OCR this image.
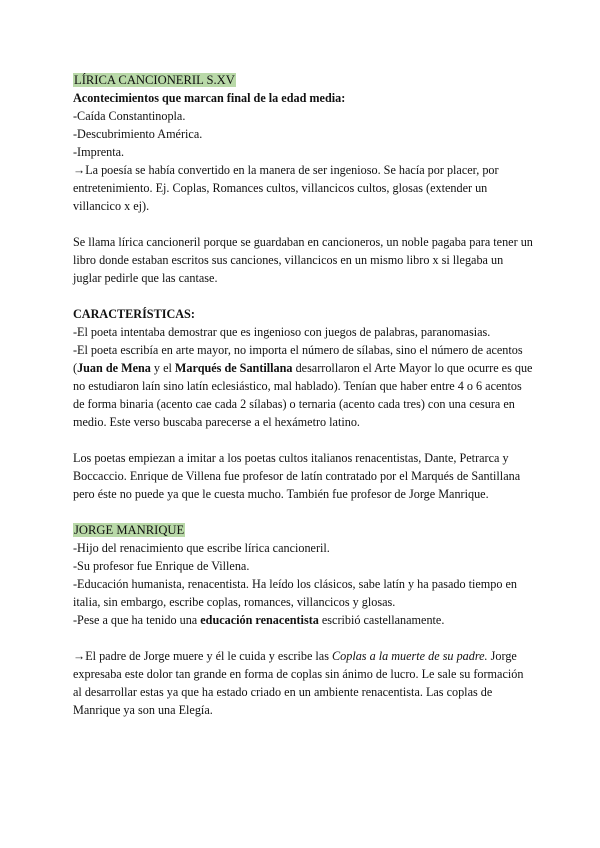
LÍRICA CANCIONERIL S.XV

Acontecimientos que marcan final de la edad media:

-Caída Constantinopla.

-Descubrimiento América.

-Imprenta.

→La poesía se había convertido en la manera de ser ingenioso. Se hacía por placer, por entretenimiento. Ej. Coplas, Romances cultos, villancicos cultos, glosas (extender un villancico x ej).

Se llama lírica cancioneril porque se guardaban en cancioneros, un noble pagaba para tener un libro donde estaban escritos sus canciones, villancicos en un mismo libro x si llegaba un juglar pedirle que las cantase.

CARACTERÍSTICAS:

-El poeta intentaba demostrar que es ingenioso con juegos de palabras, paranomasias.

-El poeta escribía en arte mayor, no importa el número de sílabas, sino el número de acentos (Juan de Mena y el Marqués de Santillana desarrollaron el Arte Mayor lo que ocurre es que no estudiaron laín sino latín eclesiástico, mal hablado). Tenían que haber entre 4 o 6 acentos de forma binaria (acento cae cada 2 sílabas) o ternaria (acento cada tres) con una cesura en medio. Este verso buscaba parecerse a el hexámetro latino.

Los poetas empiezan a imitar a los poetas cultos italianos renacentistas, Dante, Petrarca y Boccaccio. Enrique de Villena fue profesor de latín contratado por el Marqués de Santillana pero éste no puede ya que le cuesta mucho. También fue profesor de Jorge Manrique.

JORGE MANRIQUE

-Hijo del renacimiento que escribe lírica cancioneril.

-Su profesor fue Enrique de Villena.

-Educación humanista, renacentista. Ha leído los clásicos, sabe latín y ha pasado tiempo en italia, sin embargo, escribe coplas, romances, villancicos y glosas.

-Pese a que ha tenido una educación renacentista escribió castellanamente.

→El padre de Jorge muere y él le cuida y escribe las Coplas a la muerte de su padre. Jorge expresaba este dolor tan grande en forma de coplas sin ánimo de lucro. Le sale su formación al desarrollar estas ya que ha estado criado en un ambiente renacentista. Las coplas de Manrique ya son una Elegía.
